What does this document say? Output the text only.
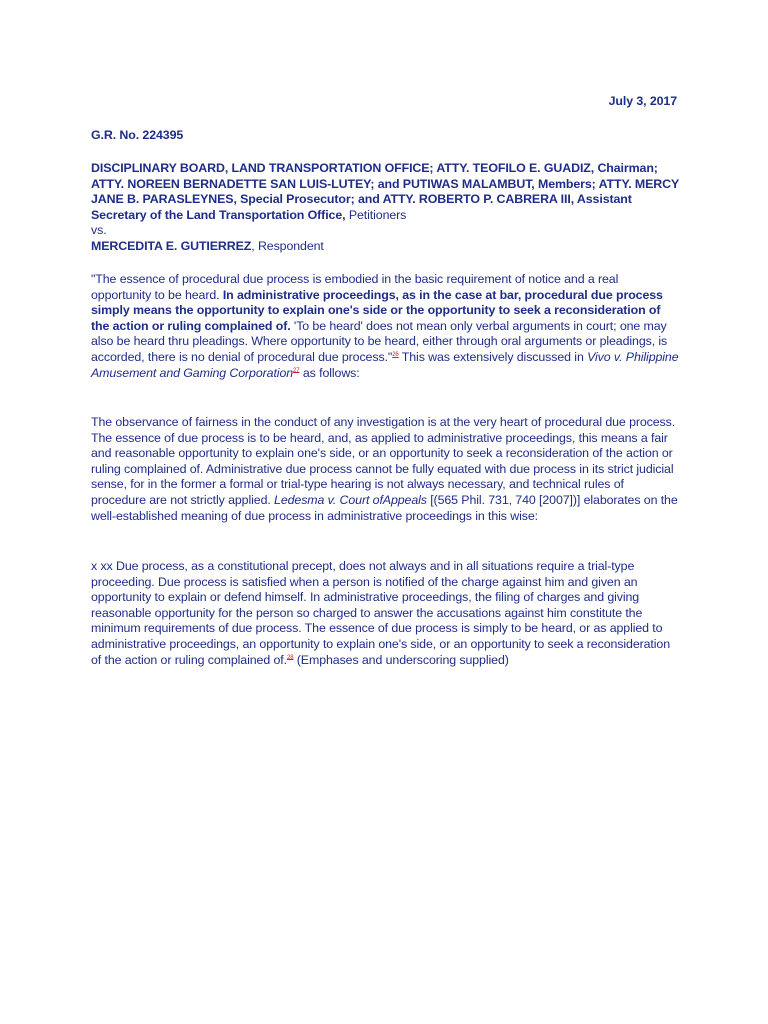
July 3, 2017
G.R. No. 224395
DISCIPLINARY BOARD, LAND TRANSPORTATION OFFICE; ATTY. TEOFILO E. GUADIZ, Chairman; ATTY. NOREEN BERNADETTE SAN LUIS-LUTEY; and PUTIWAS MALAMBUT, Members; ATTY. MERCY JANE B. PARASLEYNES, Special Prosecutor; and ATTY. ROBERTO P. CABRERA III, Assistant Secretary of the Land Transportation Office, Petitioners
vs.
MERCEDITA E. GUTIERREZ, Respondent

"The essence of procedural due process is embodied in the basic requirement of notice and a real opportunity to be heard. In administrative proceedings, as in the case at bar, procedural due process simply means the opportunity to explain one's side or the opportunity to seek a reconsideration of the action or ruling complained of. 'To be heard' does not mean only verbal arguments in court; one may also be heard thru pleadings. Where opportunity to be heard, either through oral arguments or pleadings, is accorded, there is no denial of procedural due process."$^{26}$ This was extensively discussed in Vivo v. Philippine Amusement and Gaming Corporation$^{27}$ as follows:

The observance of fairness in the conduct of any investigation is at the very heart of procedural due process. The essence of due process is to be heard, and, as applied to administrative proceedings, this means a fair and reasonable opportunity to explain one's side, or an opportunity to seek a reconsideration of the action or ruling complained of. Administrative due process cannot be fully equated with due process in its strict judicial sense, for in the former a formal or trial-type hearing is not always necessary, and technical rules of procedure are not strictly applied. Ledesma v. Court ofAppeals [(565 Phil. 731, 740 [2007])] elaborates on the well-established meaning of due process in administrative proceedings in this wise:

x xx Due process, as a constitutional precept, does not always and in all situations require a trial-type proceeding. Due process is satisfied when a person is notified of the charge against him and given an opportunity to explain or defend himself. In administrative proceedings, the filing of charges and giving reasonable opportunity for the person so charged to answer the accusations against him constitute the minimum requirements of due process. The essence of due process is simply to be heard, or as applied to administrative proceedings, an opportunity to explain one's side, or an opportunity to seek a reconsideration of the action or ruling complained of.$^{28}$ (Emphases and underscoring supplied)
